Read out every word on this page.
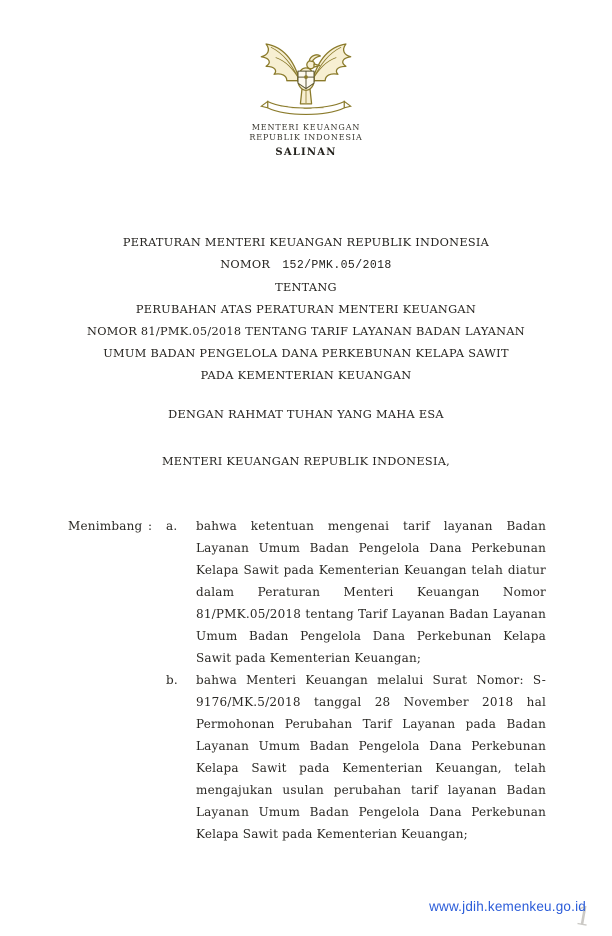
MENTERI KEUANGAN
REPUBLIK INDONESIA
SALINAN
PERATURAN MENTERI KEUANGAN REPUBLIK INDONESIA
NOMOR 152/PMK.05/2018
TENTANG
PERUBAHAN ATAS PERATURAN MENTERI KEUANGAN
NOMOR 81/PMK.05/2018 TENTANG TARIF LAYANAN BADAN LAYANAN
UMUM BADAN PENGELOLA DANA PERKEBUNAN KELAPA SAWIT
PADA KEMENTERIAN KEUANGAN
DENGAN RAHMAT TUHAN YANG MAHA ESA
MENTERI KEUANGAN REPUBLIK INDONESIA,
Menimbang :	a.	bahwa ketentuan mengenai tarif layanan Badan Layanan Umum Badan Pengelola Dana Perkebunan Kelapa Sawit pada Kementerian Keuangan telah diatur dalam Peraturan Menteri Keuangan Nomor 81/PMK.05/2018 tentang Tarif Layanan Badan Layanan Umum Badan Pengelola Dana Perkebunan Kelapa Sawit pada Kementerian Keuangan;
b.	bahwa Menteri Keuangan melalui Surat Nomor: S-9176/MK.5/2018 tanggal 28 November 2018 hal Permohonan Perubahan Tarif Layanan pada Badan Layanan Umum Badan Pengelola Dana Perkebunan Kelapa Sawit pada Kementerian Keuangan, telah mengajukan usulan perubahan tarif layanan Badan Layanan Umum Badan Pengelola Dana Perkebunan Kelapa Sawit pada Kementerian Keuangan;
1
www.jdih.kemenkeu.go.id
